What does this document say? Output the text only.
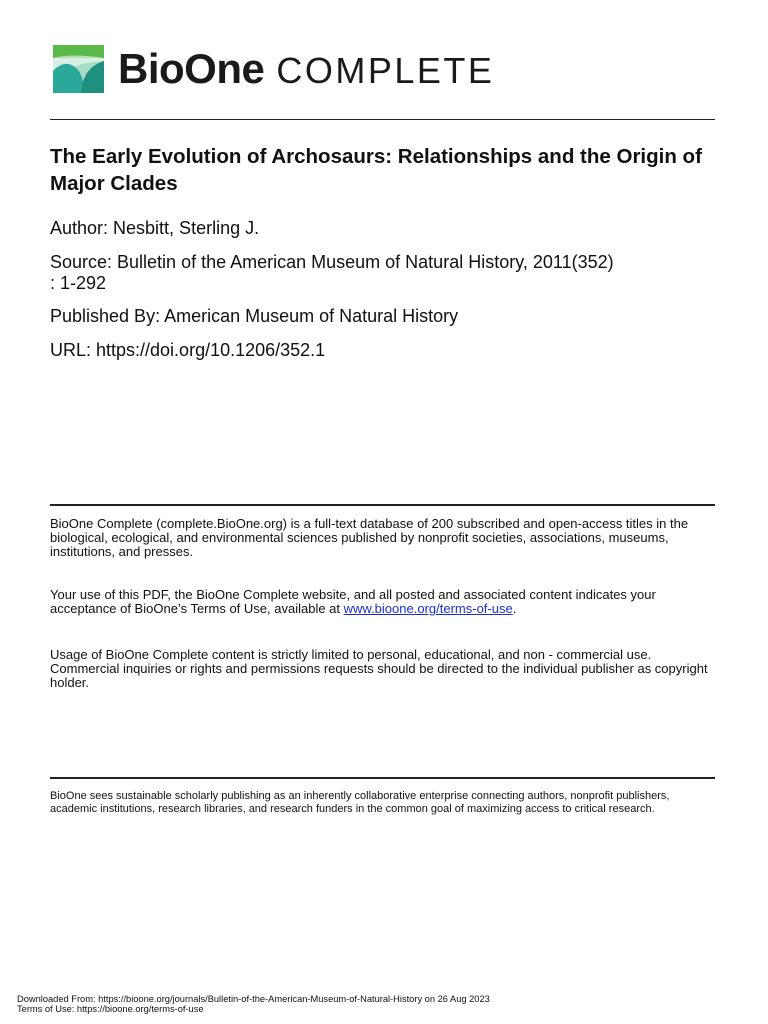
BioOne COMPLETE
The Early Evolution of Archosaurs: Relationships and the Origin of Major Clades
Author: Nesbitt, Sterling J.
Source: Bulletin of the American Museum of Natural History, 2011(352)
: 1-292
Published By: American Museum of Natural History
URL: https://doi.org/10.1206/352.1
BioOne Complete (complete.BioOne.org) is a full-text database of 200 subscribed and open-access titles in the biological, ecological, and environmental sciences published by nonprofit societies, associations, museums, institutions, and presses.
Your use of this PDF, the BioOne Complete website, and all posted and associated content indicates your acceptance of BioOne’s Terms of Use, available at www.bioone.org/terms-of-use.
Usage of BioOne Complete content is strictly limited to personal, educational, and non - commercial use. Commercial inquiries or rights and permissions requests should be directed to the individual publisher as copyright holder.
BioOne sees sustainable scholarly publishing as an inherently collaborative enterprise connecting authors, nonprofit publishers, academic institutions, research libraries, and research funders in the common goal of maximizing access to critical research.
Downloaded From: https://bioone.org/journals/Bulletin-of-the-American-Museum-of-Natural-History on 26 Aug 2023
Terms of Use: https://bioone.org/terms-of-use
